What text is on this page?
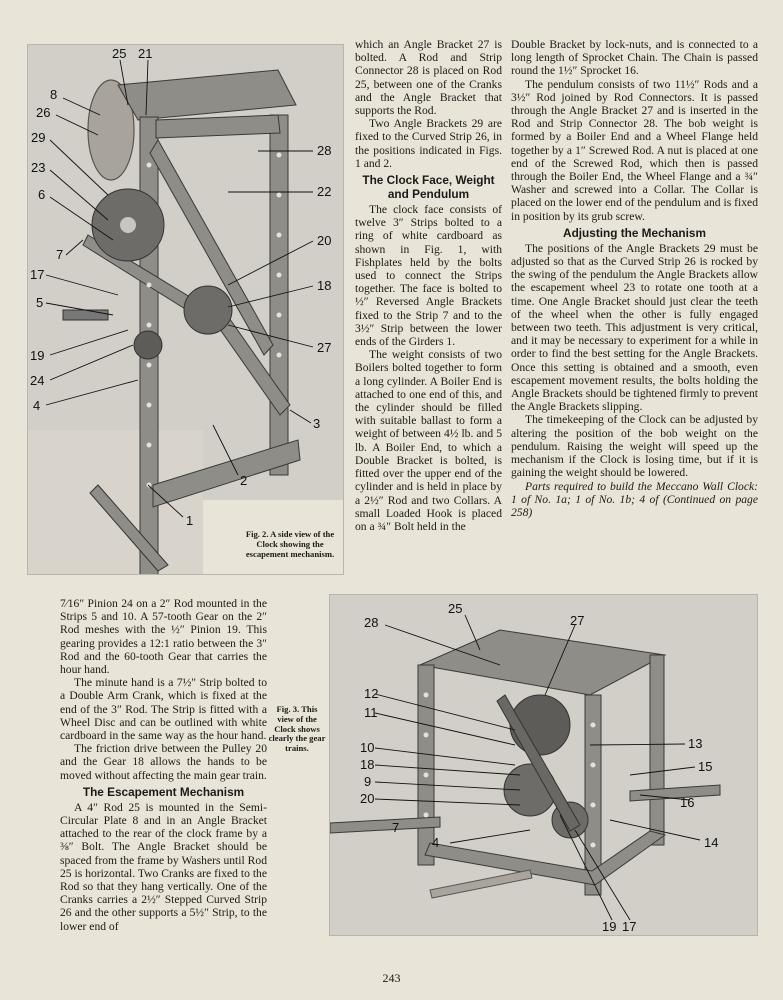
25 21
8
26
29
23
6
7
17
5
19
24
4
28
22
20
18
27
3
2
1
Fig. 2. A side view of the Clock showing the escapement mechanism.

which an Angle Bracket 27 is bolted. A Rod and Strip Connector 28 is placed on Rod 25, between one of the Cranks and the Angle Bracket that supports the Rod.

Two Angle Brackets 29 are fixed to the Curved Strip 26, in the positions indicated in Figs. 1 and 2.

The Clock Face, Weight and Pendulum

The clock face consists of twelve 3″ Strips bolted to a ring of white cardboard as shown in Fig. 1, with Fishplates held by the bolts used to connect the Strips together. The face is bolted to ½″ Reversed Angle Brackets fixed to the Strip 7 and to the 3½″ Strip between the lower ends of the Girders 1.

The weight consists of two Boilers bolted together to form a long cylinder. A Boiler End is attached to one end of this, and the cylinder should be filled with suitable ballast to form a weight of between 4½ lb. and 5 lb. A Boiler End, to which a Double Bracket is bolted, is fitted over the upper end of the cylinder and is held in place by a 2½″ Rod and two Collars. A small Loaded Hook is placed on a ¾″ Bolt held in the

Double Bracket by lock-nuts, and is connected to a long length of Sprocket Chain. The Chain is passed round the 1½″ Sprocket 16.

The pendulum consists of two 11½″ Rods and a 3½″ Rod joined by Rod Connectors. It is passed through the Angle Bracket 27 and is inserted in the Rod and Strip Connector 28. The bob weight is formed by a Boiler End and a Wheel Flange held together by a 1″ Screwed Rod. A nut is placed at one end of the Screwed Rod, which then is passed through the Boiler End, the Wheel Flange and a ¾″ Washer and screwed into a Collar. The Collar is placed on the lower end of the pendulum and is fixed in position by its grub screw.

Adjusting the Mechanism

The positions of the Angle Brackets 29 must be adjusted so that as the Curved Strip 26 is rocked by the swing of the pendulum the Angle Brackets allow the escapement wheel 23 to rotate one tooth at a time. One Angle Bracket should just clear the teeth of the wheel when the other is fully engaged between two teeth. This adjustment is very critical, and it may be necessary to experiment for a while in order to find the best setting for the Angle Brackets. Once this setting is obtained and a smooth, even escapement movement results, the bolts holding the Angle Brackets should be tightened firmly to prevent the Angle Brackets slipping.

The timekeeping of the Clock can be adjusted by altering the position of the bob weight on the pendulum. Raising the weight will speed up the mechanism if the Clock is losing time, but if it is gaining the weight should be lowered.

Parts required to build the Meccano Wall Clock: 1 of No. 1a; 1 of No. 1b; 4 of (Continued on page 258)

7⁄16″ Pinion 24 on a 2″ Rod mounted in the Strips 5 and 10. A 57-tooth Gear on the 2″ Rod meshes with the ½″ Pinion 19. This gearing provides a 12:1 ratio between the 3″ Rod and the 60-tooth Gear that carries the hour hand.

The minute hand is a 7½″ Strip bolted to a Double Arm Crank, which is fixed at the end of the 3″ Rod. The Strip is fitted with a Wheel Disc and can be outlined with white cardboard in the same way as the hour hand.

The friction drive between the Pulley 20 and the Gear 18 allows the hands to be moved without affecting the main gear train.

The Escapement Mechanism

A 4″ Rod 25 is mounted in the Semi-Circular Plate 8 and in an Angle Bracket attached to the rear of the clock frame by a ⅜″ Bolt. The Angle Bracket should be spaced from the frame by Washers until Rod 25 is horizontal. Two Cranks are fixed to the Rod so that they hang vertically. One of the Cranks carries a 2½″ Stepped Curved Strip 26 and the other supports a 5½″ Strip, to the lower end of

Fig. 3. This view of the Clock shows clearly the gear trains.
25
28	27
12
11
10
18
9
20
13
15
16
7
4	14
19 17
243
